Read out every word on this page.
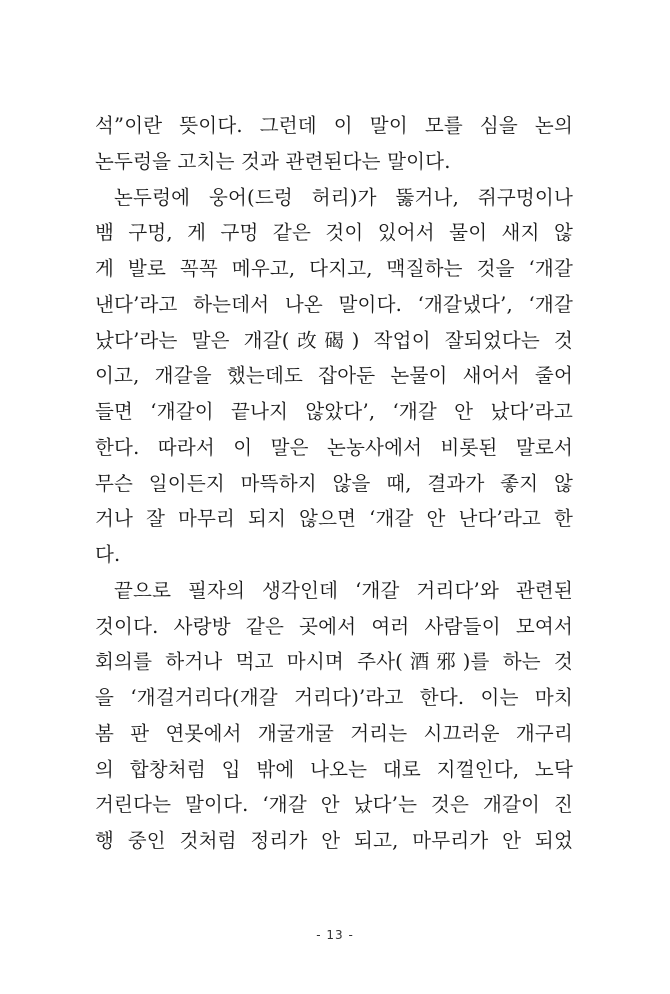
석”이란 뜻이다. 그런데 이 말이 모를 심을 논의
논두렁을 고치는 것과 관련된다는 말이다.
논두렁에 웅어(드렁 허리)가 뚫거나, 쥐구멍이나
뱀 구멍, 게 구멍 같은 것이 있어서 물이 새지 않
게 발로 꼭꼭 메우고, 다지고, 맥질하는 것을 ‘개갈
낸다’라고 하는데서 나온 말이다. ‘개갈냈다’, ‘개갈
났다’라는 말은 개갈(改碣) 작업이 잘되었다는 것
이고, 개갈을 했는데도 잡아둔 논물이 새어서 줄어
들면 ‘개갈이 끝나지 않았다’, ‘개갈 안 났다’라고
한다. 따라서 이 말은 논농사에서 비롯된 말로서
무슨 일이든지 마뜩하지 않을 때, 결과가 좋지 않
거나 잘 마무리 되지 않으면 ‘개갈 안 난다’라고 한
다.
끝으로 필자의 생각인데 ‘개갈 거리다’와 관련된
것이다. 사랑방 같은 곳에서 여러 사람들이 모여서
회의를 하거나 먹고 마시며 주사(酒邪)를 하는 것
을 ‘개걸거리다(개갈 거리다)’라고 한다. 이는 마치
봄 판 연못에서 개굴개굴 거리는 시끄러운 개구리
의 합창처럼 입 밖에 나오는 대로 지껄인다, 노닥
거린다는 말이다. ‘개갈 안 났다’는 것은 개갈이 진
행 중인 것처럼 정리가 안 되고, 마무리가 안 되었
- 13 -
